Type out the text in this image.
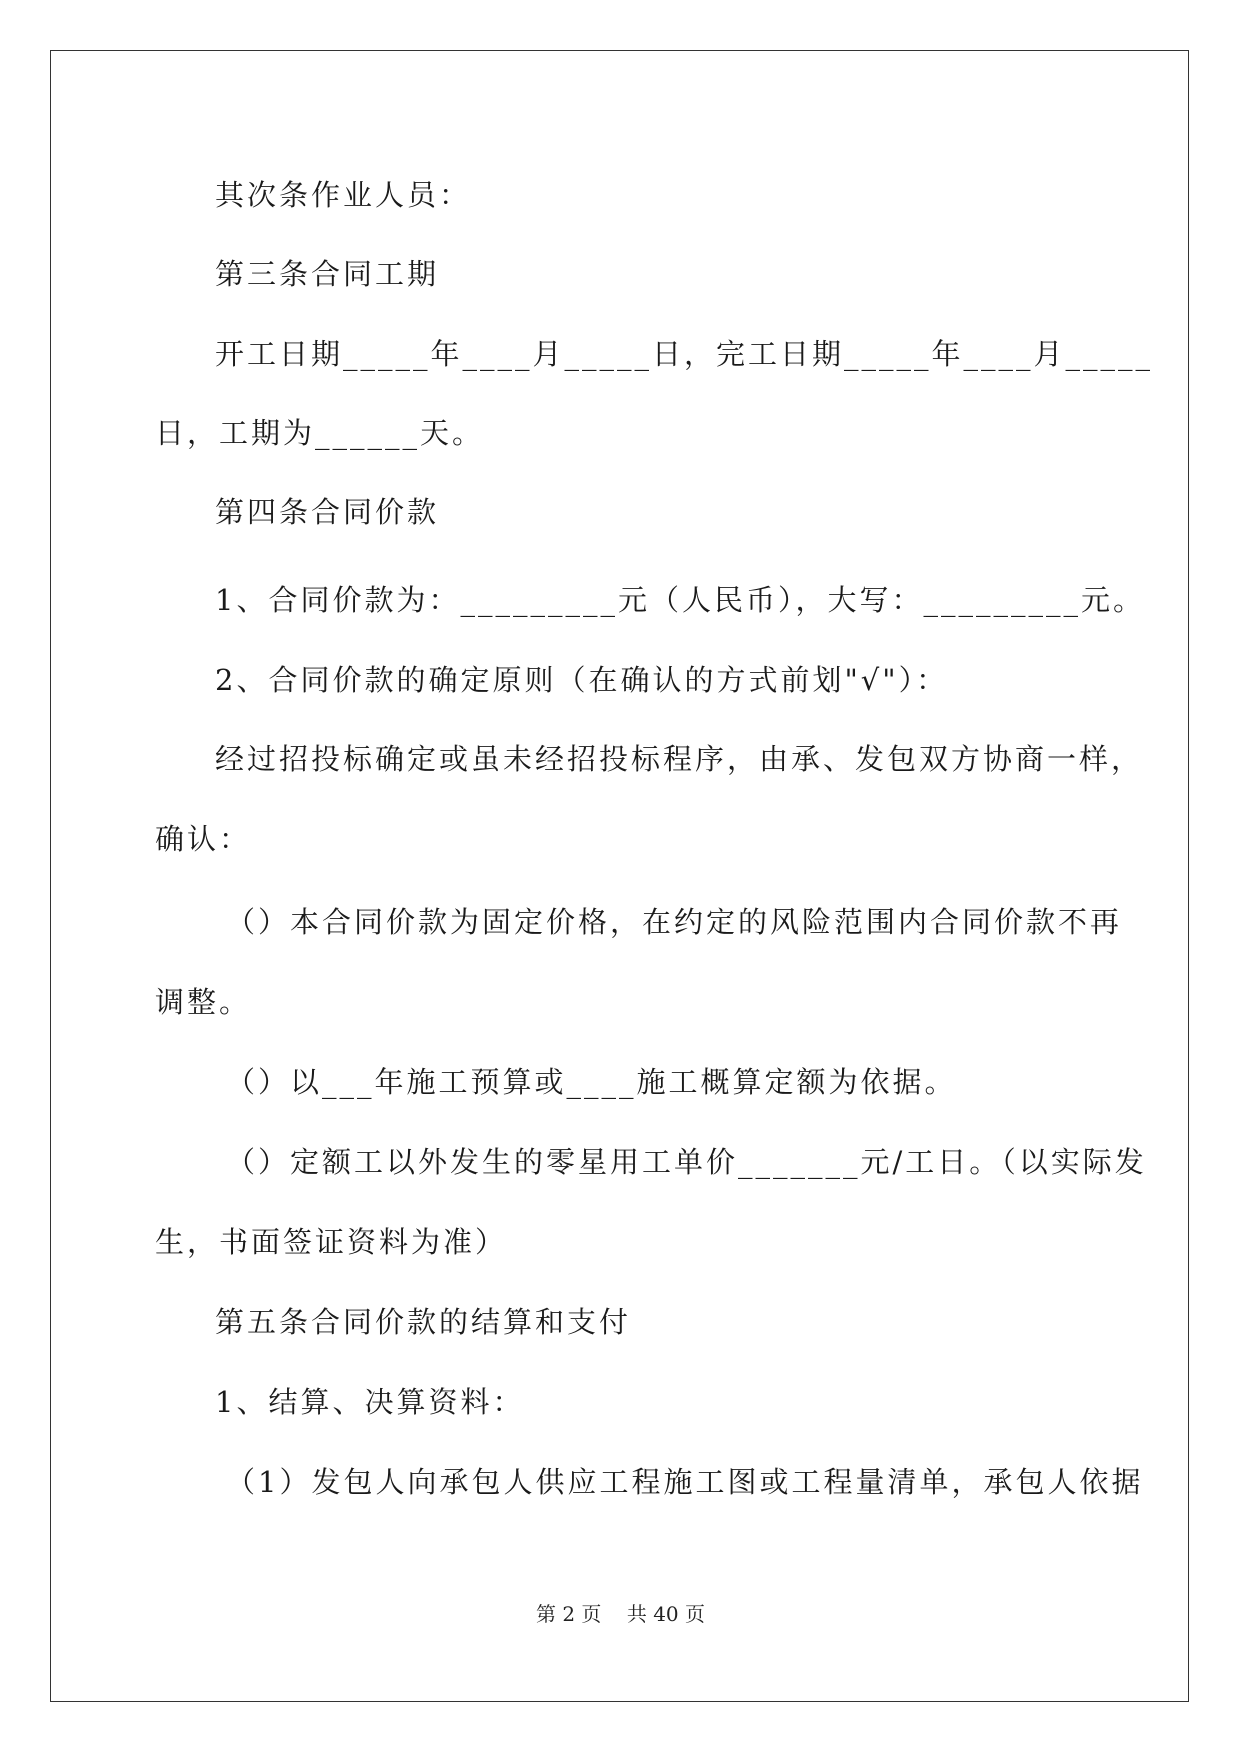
其次条作业人员：
第三条合同工期
开工日期_____年____月_____日，完工日期_____年____月_____
日，工期为______天。
第四条合同价款
1、合同价款为：_________元（人民币），大写：_________元。
2、合同价款的确定原则（在确认的方式前划"√"）：
经过招投标确定或虽未经招投标程序，由承、发包双方协商一样，
确认：
（）本合同价款为固定价格，在约定的风险范围内合同价款不再
调整。
（）以___年施工预算或____施工概算定额为依据。
（）定额工以外发生的零星用工单价_______元/工日。（以实际发
生，书面签证资料为准）
第五条合同价款的结算和支付
1、结算、决算资料：
（1）发包人向承包人供应工程施工图或工程量清单，承包人依据
第 2 页    共 40 页
